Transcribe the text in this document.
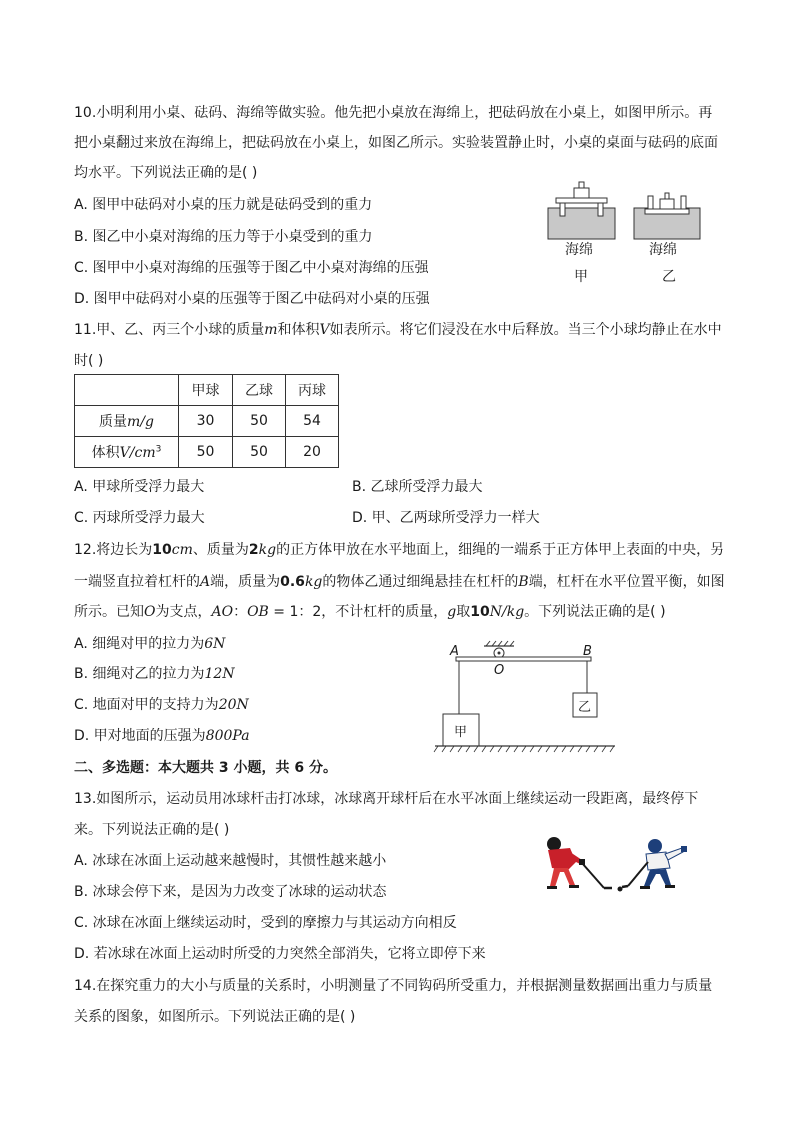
10.小明利用小桌、砝码、海绵等做实验。他先把小桌放在海绵上，把砝码放在小桌上，如图甲所示。再
把小桌翻过来放在海绵上，把砝码放在小桌上，如图乙所示。实验装置静止时，小桌的桌面与砝码的底面
均水平。下列说法正确的是( )
A. 图甲中砝码对小桌的压力就是砝码受到的重力
B. 图乙中小桌对海绵的压力等于小桌受到的重力
C. 图甲中小桌对海绵的压强等于图乙中小桌对海绵的压强
D. 图甲中砝码对小桌的压强等于图乙中砝码对小桌的压强
海绵
甲
海绵
乙
11.甲、乙、丙三个小球的质量m和体积V如表所示。将它们浸没在水中后释放。当三个小球均静止在水中
时( )
	甲球	乙球	丙球
质量m/g	30	50	54
体积$V/cm^3$	50	50	20
A. 甲球所受浮力最大	B. 乙球所受浮力最大
C. 丙球所受浮力最大	D. 甲、乙两球所受浮力一样大
12.将边长为10cm、质量为2kg的正方体甲放在水平地面上，细绳的一端系于正方体甲上表面的中央，另
一端竖直拉着杠杆的A端，质量为0.6kg的物体乙通过细绳悬挂在杠杆的B端，杠杆在水平位置平衡，如图
所示。已知O为支点，AO：OB = 1：2，不计杠杆的质量，g取10N/kg。下列说法正确的是( )
A. 细绳对甲的拉力为6N
B. 细绳对乙的拉力为12N
C. 地面对甲的支持力为20N
D. 甲对地面的压强为800Pa
A	B
O
乙
甲
二、多选题：本大题共 3 小题，共 6 分。
13.如图所示，运动员用冰球杆击打冰球，冰球离开球杆后在水平冰面上继续运动一段距离，最终停下
来。下列说法正确的是( )
A. 冰球在冰面上运动越来越慢时，其惯性越来越小
B. 冰球会停下来，是因为力改变了冰球的运动状态
C. 冰球在冰面上继续运动时，受到的摩擦力与其运动方向相反
D. 若冰球在冰面上运动时所受的力突然全部消失，它将立即停下来
14.在探究重力的大小与质量的关系时，小明测量了不同钩码所受重力，并根据测量数据画出重力与质量
关系的图象，如图所示。下列说法正确的是( )
